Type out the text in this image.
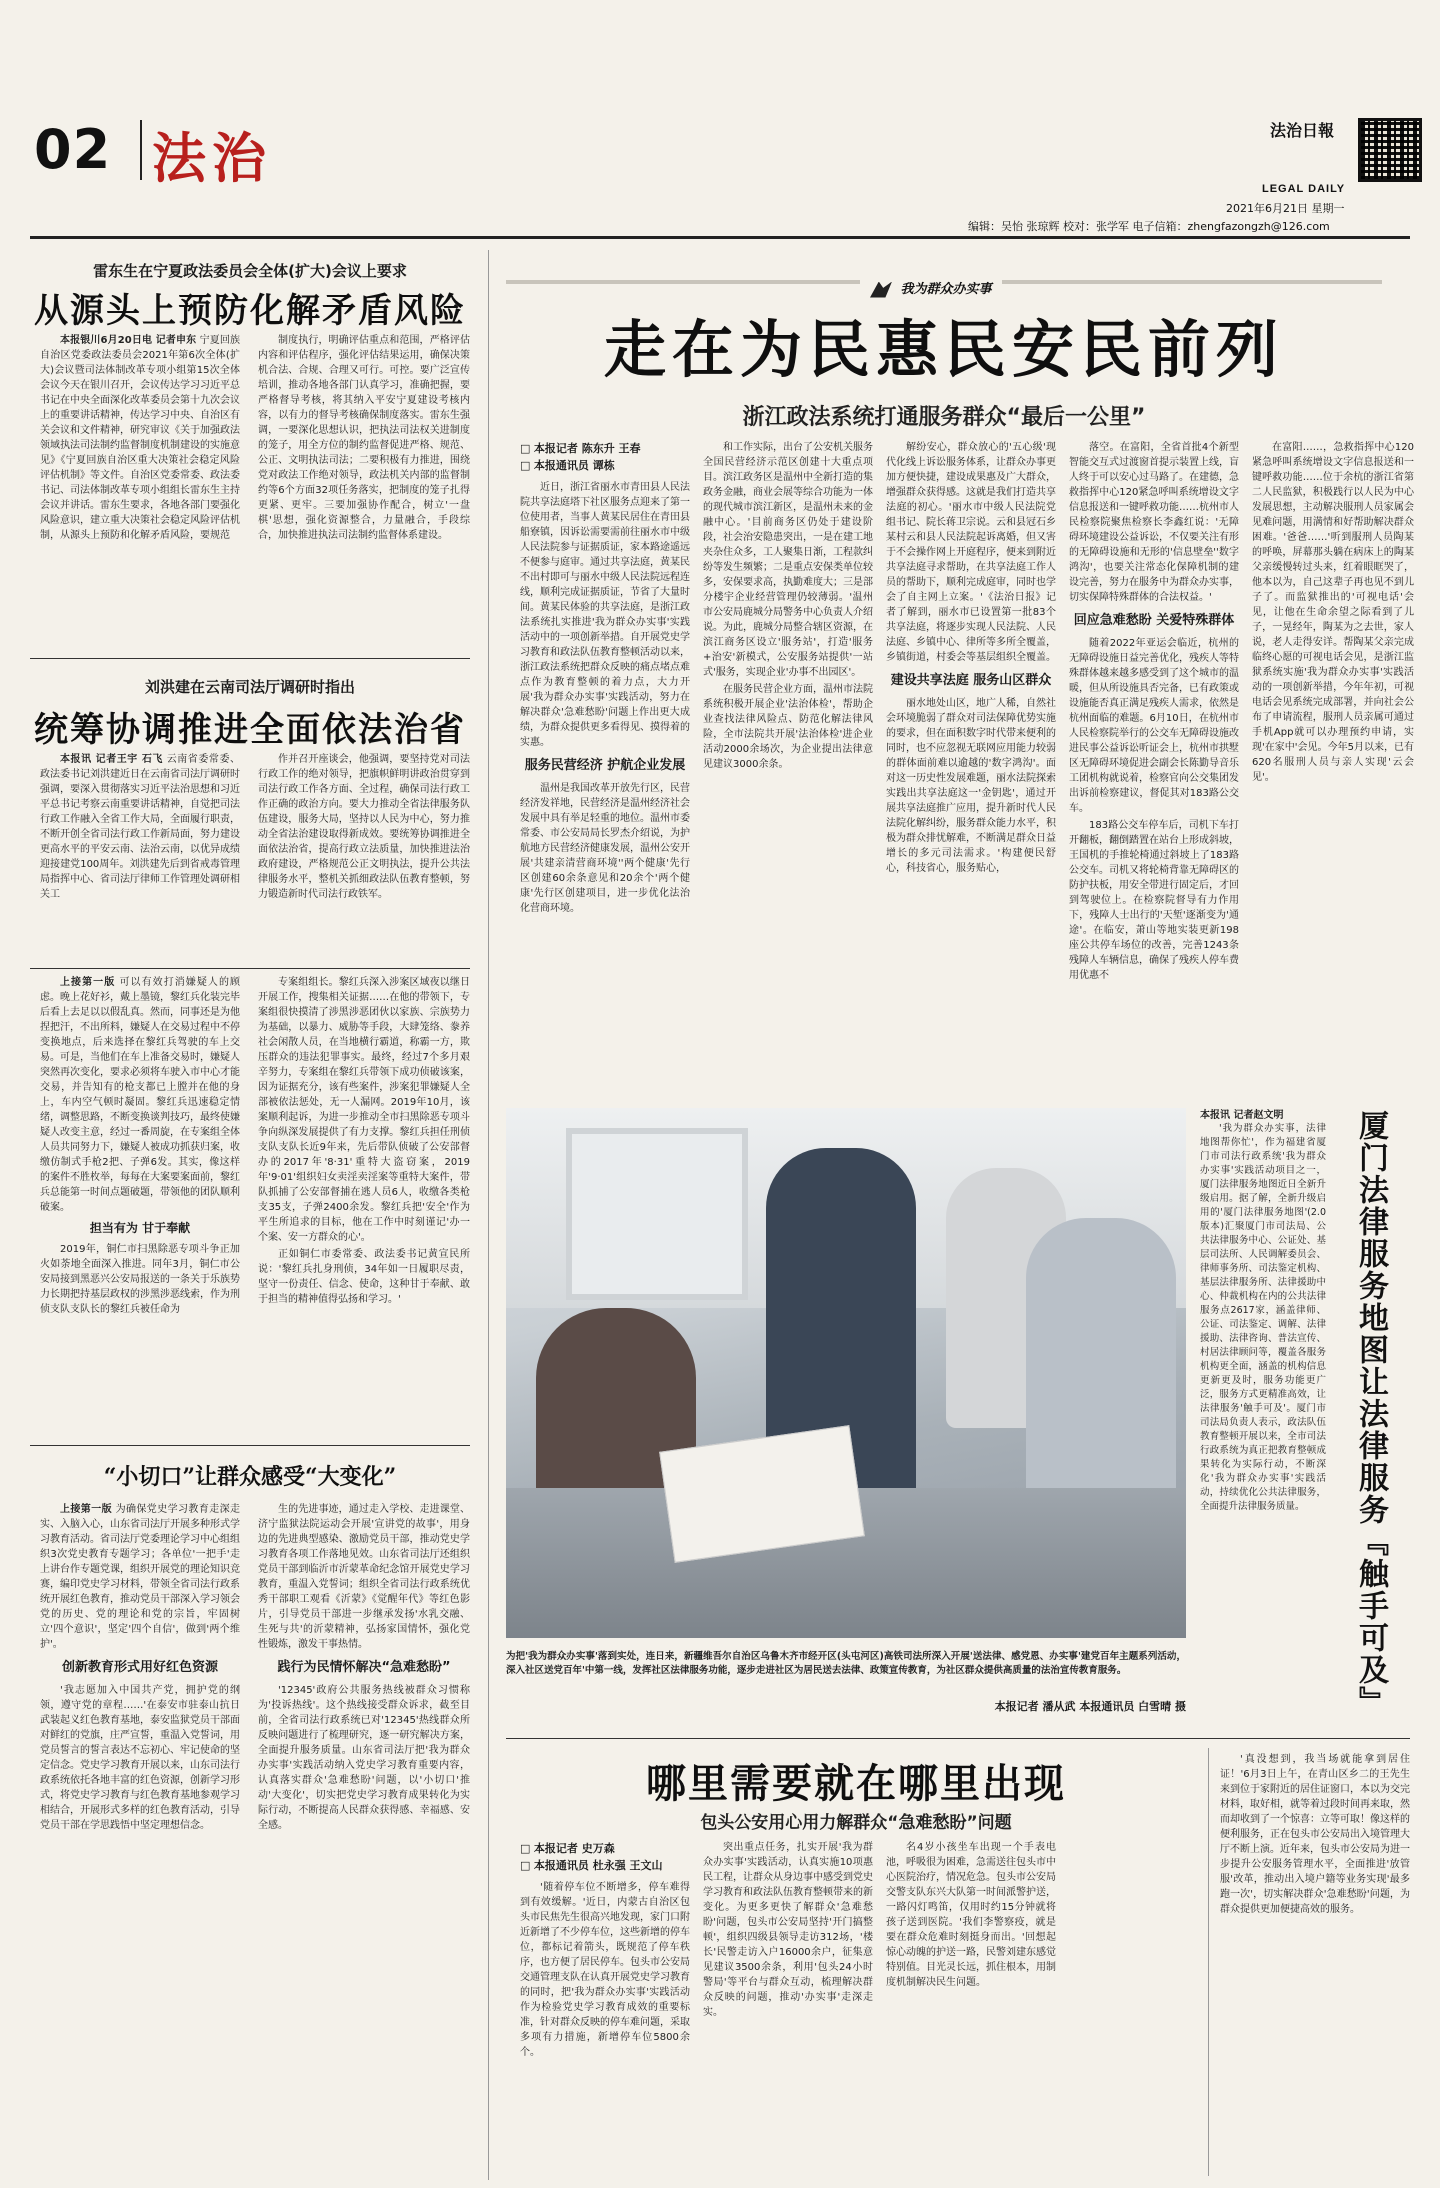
02 法治	法治日報
LEGAL DAILY
2021年6月21日 星期一
编辑：吴怡 张琼辉 校对：张学军 电子信箱：zhengfazongzh@126.com
雷东生在宁夏政法委员会全体(扩大)会议上要求
从源头上预防化解矛盾风险

本报银川6月20日电 记者申东 宁夏回族自治区党委政法委员会2021年第6次全体(扩大)会议暨司法体制改革专项小组第15次全体会议今天在银川召开，会议传达学习习近平总书记在中央全面深化改革委员会第十九次会议上的重要讲话精神，传达学习中央、自治区有关会议和文件精神，研究审议《关于加强政法领域执法司法制约监督制度机制建设的实施意见》《宁夏回族自治区重大决策社会稳定风险评估机制》等文件。自治区党委常委、政法委书记、司法体制改革专项小组组长雷东生主持会议并讲话。雷东生要求，各地各部门要强化风险意识，建立重大决策社会稳定风险评估机制，从源头上预防和化解矛盾风险，要规范

制度执行，明确评估重点和范围，严格评估内容和评估程序，强化评估结果运用，确保决策机合法、合规、合理又可行。可控。要广泛宣传培训，推动各地各部门认真学习，准确把握，要严格督导考核，将其纳入平安宁夏建设考核内容，以有力的督导考核确保制度落实。雷东生强调，一要深化思想认识，把执法司法权关进制度的笼子，用全方位的制约监督促进严格、规范、公正、文明执法司法；二要积极有力推进，围绕党对政法工作绝对领导，政法机关内部的监督制约等6个方面32项任务落实，把制度的笼子扎得更紧、更牢。三要加强协作配合，树立'一盘棋'思想，强化资源整合，力量融合，手段综合，加快推进执法司法制约监督体系建设。

刘洪建在云南司法厅调研时指出
统筹协调推进全面依法治省

本报讯 记者王宇 石飞 云南省委常委、政法委书记刘洪建近日在云南省司法厅调研时强调，要深入贯彻落实习近平法治思想和习近平总书记考察云南重要讲话精神，自觉把司法行政工作融入全省工作大局，全面履行职责，不断开创全省司法行政工作新局面，努力建设更高水平的平安云南、法治云南，以优异成绩迎接建党100周年。刘洪建先后到省戒毒管理局指挥中心、省司法厅律师工作管理处调研相关工

作并召开座谈会，他强调，要坚持党对司法行政工作的绝对领导，把旗帜鲜明讲政治贯穿到司法行政工作各方面、全过程，确保司法行政工作正确的政治方向。要大力推动全省法律服务队伍建设，服务大局，坚持以人民为中心，努力推动全省法治建设取得新成效。要统筹协调推进全面依法治省，提高行政立法质量，加快推进法治政府建设，严格规范公正文明执法，提升公共法律服务水平，整机关抓细政法队伍教育整顿，努力锻造新时代司法行政铁军。

上接第一版 可以有效打消嫌疑人的顾虑。晚上花好衫，戴上墨镜，黎红兵化装完毕后看上去足以以假乱真。然而，同事还是为他捏把汗，不出所料，嫌疑人在交易过程中不停变换地点，后来选择在黎红兵驾驶的车上交易。可是，当他们在车上准备交易时，嫌疑人突然再次变化，要求必须将车驶入市中心才能交易，并告知有的枪支都已上膛并在他的身上，车内空气顿时凝固。黎红兵迅速稳定情绪，调整思路，不断变换谈判技巧，最终使嫌疑人改变主意，经过一番周旋，在专案组全体人员共同努力下，嫌疑人被成功抓获归案，收缴仿制式手枪2把、子弹6发。其实，像这样的案件不胜枚举，每每在大案要案面前，黎红兵总能第一时间点题破题，带领他的团队顺利破案。

担当有为 甘于奉献

2019年，铜仁市扫黑除恶专项斗争正加火如荼地全面深入推进。同年3月，铜仁市公安局接到黑恶兴公安局报送的一条关于乐族势力长期把持基层政权的涉黑涉恶线索，作为刑侦支队支队长的黎红兵被任命为

专案组组长。黎红兵深入涉案区域夜以继日开展工作，搜集相关证据……在他的带领下，专案组很快摸清了涉黑涉恶团伙以家族、宗族势力为基础，以暴力、威胁等手段，大肆笼络、豢养社会闲散人员，在当地横行霸道，称霸一方，欺压群众的违法犯罪事实。最终，经过7个多月艰辛努力，专案组在黎红兵带领下成功侦破该案，因为证据充分，该有些案件，涉案犯罪嫌疑人全部被依法惩处，无一人漏网。2019年10月，该案顺利起诉，为进一步推动全市扫黑除恶专项斗争向纵深发展提供了有力支撑。黎红兵担任刑侦支队支队长近9年来，先后带队侦破了公安部督办的2017年'8·31'重特大盗窃案，2019年'9·01'组织妇女卖淫卖淫案等重特大案件，带队抓捕了公安部督捕在逃人员6人，收缴各类枪支35支，子弹2400余发。黎红兵把'安全'作为平生所追求的目标，他在工作中时刻谨记'办一个案、安一方群众的心'。

正如铜仁市委常委、政法委书记黄宣民所说：'黎红兵扎身刑侦，34年如一日履职尽责，坚守一份责任、信念、使命，这种甘于奉献、敢于担当的精神值得弘扬和学习。'

“小切口”让群众感受“大变化”

上接第一版 为确保党史学习教育走深走实、入脑入心，山东省司法厅开展多种形式学习教育活动。省司法厅党委理论学习中心组组织3次党史教育专题学习；各单位'一把手'走上讲台作专题党课，组织开展党的理论知识竞赛，编印党史学习材料，带领全省司法行政系统开展红色教育，推动党员干部深入学习领会党的历史、党的理论和党的宗旨，牢固树立'四个意识'，坚定'四个自信'，做到'两个维护'。

创新教育形式用好红色资源

'我志愿加入中国共产党，拥护党的纲领，遵守党的章程……'在泰安市驻泰山抗日武装起义红色教育基地，泰安监狱党员干部面对鲜红的党旗，庄严宣誓，重温入党誓词，用党员誓言的誓言表达不忘初心、牢记使命的坚定信念。党史学习教育开展以来，山东司法行政系统依托各地丰富的红色资源，创新学习形式，将党史学习教育与红色教育基地参观学习相结合，开展形式多样的红色教育活动，引导党员干部在学思践悟中坚定理想信念。

生的先进事迹，通过走入学校、走进课堂、济宁监狱法院运动会开展'宣讲党的故事'，用身边的先进典型感染、激励党员干部，推动党史学习教育各项工作落地见效。山东省司法厅还组织党员干部到临沂市沂蒙革命纪念馆开展党史学习教育，重温入党誓词；组织全省司法行政系统优秀干部职工观看《沂蒙》《觉醒年代》等红色影片，引导党员干部进一步继承发扬'水乳交融、生死与共'的沂蒙精神，弘扬家国情怀，强化党性锻炼，激发干事热情。

践行为民情怀解决“急难愁盼”

'12345'政府公共服务热线被群众习惯称为'投诉热线'。这个热线接受群众诉求，截至目前，全省司法行政系统已对'12345'热线群众所反映问题进行了梳理研究，逐一研究解决方案，全面提升服务质量。山东省司法厅把'我为群众办实事'实践活动纳入党史学习教育重要内容，认真落实群众'急难愁盼'问题，以'小切口'推动'大变化'，切实把党史学习教育成果转化为实际行动，不断提高人民群众获得感、幸福感、安全感。

我为群众办实事
走在为民惠民安民前列
浙江政法系统打通服务群众“最后一公里”
□ 本报记者 陈东升 王春
□ 本报通讯员 谭栋

近日，浙江省丽水市青田县人民法院共享法庭塔下社区服务点迎来了第一位使用者，当事人黄某民居住在青田县船寮镇，因诉讼需要需前往丽水市中级人民法院参与证据质证，家本路途遥远不便参与庭审。通过共享法庭，黄某民不出村即可与丽水中级人民法院远程连线，顺利完成证据质证，节省了大量时间。黄某民体验的共享法庭，是浙江政法系统扎实推进'我为群众办实事'实践活动中的一项创新举措。自开展党史学习教育和政法队伍教育整顿活动以来，浙江政法系统把群众反映的痛点堵点难点作为教育整顿的着力点，大力开展'我为群众办实事'实践活动，努力在解决群众'急难愁盼'问题上作出更大成绩，为群众提供更多看得见、摸得着的实惠。

服务民营经济 护航企业发展

温州是我国改革开放先行区，民营经济发祥地，民营经济是温州经济社会发展中具有举足轻重的地位。温州市委常委、市公安局局长罗杰介绍说，为护航地方民营经济健康发展，温州公安开展'共建亲清营商环境''两个健康'先行区创建60余条意见和20余个'两个健康'先行区创建项目，进一步优化法治化营商环境。

和工作实际，出台了公安机关服务全国民营经济示范区创建十大重点项目。滨江政务区是温州中全新打造的集政务金融，商业会展等综合功能为一体的现代城市滨江新区，是温州未来的金融中心。'目前商务区仍处于建设阶段，社会治安隐患突出，一是在建工地夹杂住众多，工人聚集日渐，工程款纠纷等发生频繁；二是重点安保类单位较多，安保要求高，执勤难度大；三是部分楼宇企业经营管理仍较薄弱。'温州市公安局鹿城分局警务中心负责人介绍说。为此，鹿城分局整合辖区资源，在滨江商务区设立'服务站'，打造'服务+治安'新模式，公安服务站提供'一站式'服务，实现企业'办事不出园区'。

在服务民营企业方面，温州市法院系统积极开展企业'法治体检'，帮助企业查找法律风险点、防范化解法律风险，全市法院共开展'法治体检'进企业活动2000余场次，为企业提出法律意见建议3000余条。

解纷安心，群众放心的'五心级'现代化线上诉讼服务体系，让群众办事更加方便快捷，建设成果惠及广大群众，增强群众获得感。这就是我们打造共享法庭的初心。'丽水市中级人民法院党组书记、院长蒋卫宗说。云和县冠石乡某村云和县人民法院起诉离婚，但又害于不会操作网上开庭程序，便来到附近共享法庭寻求帮助，在共享法庭工作人员的帮助下，顺利完成庭审，同时也学会了自主网上立案。'《法治日报》记者了解到，丽水市已设置第一批83个共享法庭，将逐步实现人民法院、人民法庭、乡镇中心、律所等多所全覆盖，乡镇街道，村委会等基层组织全覆盖。

建设共享法庭 服务山区群众

丽水地处山区，地广人稀，自然社会环境脆弱了群众对司法保障优势实施的要求，但在面积数字时代带来便利的同时，也不应忽视无联网应用能力较弱的群体面前难以逾越的'数字鸿沟'。面对这一历史性发展难题，丽水法院探索实践出共享法庭这一'金钥匙'，通过开展共享法庭推广应用，提升新时代人民法院化解纠纷，服务群众能力水平，积极为群众排忧解难，不断满足群众日益增长的多元司法需求。'构建便民舒心，科技省心，服务贴心，

落空。在富阳，全省首批4个新型智能交互式过渡窗首提示装置上线，盲人终于可以安心过马路了。在建德，急救指挥中心120紧急呼叫系统增设文字信息报送和一键呼救功能……杭州市人民检察院聚焦检察长李鑫红说：'无障碍环境建设公益诉讼，不仅要关注有形的无障碍设施和无形的'信息壁垒''数字鸿沟'，也要关注常态化保障机制的建设完善，努力在服务中为群众办实事，切实保障特殊群体的合法权益。'

回应急难愁盼 关爱特殊群体

随着2022年亚运会临近，杭州的无障碍设施日益完善优化，残疾人等特殊群体越来越多感受到了这个城市的温暖，但从所设施具否完备，已有政策或设施能否真正满足残疾人需求，依然是杭州面临的难题。6月10日，在杭州市人民检察院举行的公交车无障碍设施改进民事公益诉讼听证会上，杭州市拱墅区无障碍环境促进会副会长陈勤导音乐工团机构就说着，检察官向公交集团发出诉前检察建议，督促其对183路公交车。

183路公交车停车后，司机下车打开翻板，翻倒踏置在站台上形成斜坡，王国机的手推轮椅通过斜坡上了183路公交车。司机又将轮椅背靠无障碍区的防护扶板，用安全带进行固定后，才回到驾驶位上。在检察院督导有力作用下，残障人士出行的'天堑'逐渐变为'通途'。在临安，萧山等地实装更新198座公共停车场位的改善，完善1243条残障人车辆信息，确保了残疾人停车费用优惠不

在富阳……，急救指挥中心120紧急呼叫系统增设文字信息报送和一键呼救功能……位于余杭的浙江省第二人民监狱，积极践行以人民为中心发展思想，主动解决服刑人员家属会见难问题，用满情和好帮助解决群众困难。'爸爸……'听到服刑人员陶某的呼唤，屏幕那头躺在病床上的陶某父亲缓慢转过头来，红着眼眶哭了，他本以为，自己这辈子再也见不到儿子了。而监狱推出的'可视电话'会见，让他在生命余望之际看到了儿子，一晃经年，陶某为之去世，家人说，老人走得安详。帮陶某父亲完成临终心愿的可视电话会见，是浙江监狱系统实施'我为群众办实事'实践活动的一项创新举措，今年年初，可视电话会见系统完成部署，并向社会公布了申请流程，服刑人员亲属可通过手机App就可以办理预约申请，实现'在家中'会见。今年5月以来，已有620名服刑人员与亲人实现'云会见'。

为把'我为群众办实事'落到实处，连日来，新疆维吾尔自治区乌鲁木齐市经开区(头屯河区)高铁司法所深入开展'送法律、感党恩、办实事'建党百年主题系列活动，深入社区送党百年'中第一线，发挥社区法律服务功能，逐步走进社区为居民送去法律、政策宣传教育，为社区群众提供高质量的法治宣传教育服务。

本报记者 潘从武 本报通讯员 白雪晴 摄
本报讯 记者赵文明

'我为群众办实事，法律地图帮你忙'，作为福建省厦门市司法行政系统'我为群众办实事'实践活动项目之一，厦门法律服务地图近日全新升级启用。据了解，全新升级启用的'厦门法律服务地图'(2.0版本)汇聚厦门市司法局、公共法律服务中心、公证处、基层司法所、人民调解委员会、律师事务所、司法鉴定机构、基层法律服务所、法律援助中心、仲裁机构在内的公共法律服务点2617家，涵盖律师、公证、司法鉴定、调解、法律援助、法律咨询、普法宣传、村居法律顾问等，覆盖各服务机构更全面，涵盖的机构信息更新更及时，服务功能更广泛，服务方式更精准高效，让法律服务'触手可及'。厦门市司法局负责人表示，政法队伍教育整顿开展以来，全市司法行政系统为真正把教育整顿成果转化为实际行动，不断深化'我为群众办实事'实践活动，持续优化公共法律服务，全面提升法律服务质量。	厦门法律服务地图让法律服务『触手可及』
哪里需要就在哪里出现
包头公安用心用力解群众“急难愁盼”问题
□ 本报记者 史万森
□ 本报通讯员 杜永强 王文山

'随着停车位不断增多，停车难得到有效缓解。'近日，内蒙古自治区包头市民焦先生很高兴地发现，家门口附近新增了不少停车位，这些新增的停车位，都标记着箭头，既规范了停车秩序，也方便了居民停车。包头市公安局交通管理支队在认真开展党史学习教育的同时，把'我为群众办实事'实践活动作为检验党史学习教育成效的重要标准，针对群众反映的停车难问题，采取多项有力措施，新增停车位5800余个。

突出重点任务，扎实开展'我为群众办实事'实践活动，认真实施10项惠民工程，让群众从身边事中感受到党史学习教育和政法队伍教育整顿带来的新变化。为更多更快了解群众'急难愁盼'问题，包头市公安局坚持'开门搞整顿'，组织四级县领导走访312场，'楼长'民警走访入户16000余户，征集意见建议3500余条，利用'包头24小时警局'等平台与群众互动，梳理解决群众反映的问题，推动'办实事'走深走实。

名4岁小孩坐车出现一个手表电池，呼吸很为困难，急需送往包头市中心医院治疗，情况危急。包头市公安局交警支队东兴大队第一时间派警护送，一路闪灯鸣笛，仅用时约15分钟就将孩子送到医院。'我们李警察疫，就是要在群众危难时刻挺身而出。'回想起惊心动魄的护送一路，民警刘建东感觉特别值。目光灵长远，抓住根本，用制度机制解决民生问题。

'真没想到，我当场就能拿到居住证！'6月3日上午，在青山区乡二的王先生来到位于家附近的居住证窗口，本以为交完材料，取好相，就等着过段时间再来取，然而却收到了一个惊喜：立等可取！像这样的便利服务，正在包头市公安局出入境管理大厅不断上演。近年来，包头市公安局为进一步提升公安服务管理水平，全面推进'放管服'改革，推动出入境户籍等业务实现'最多跑一次'，切实解决群众'急难愁盼'问题，为群众提供更加便捷高效的服务。
